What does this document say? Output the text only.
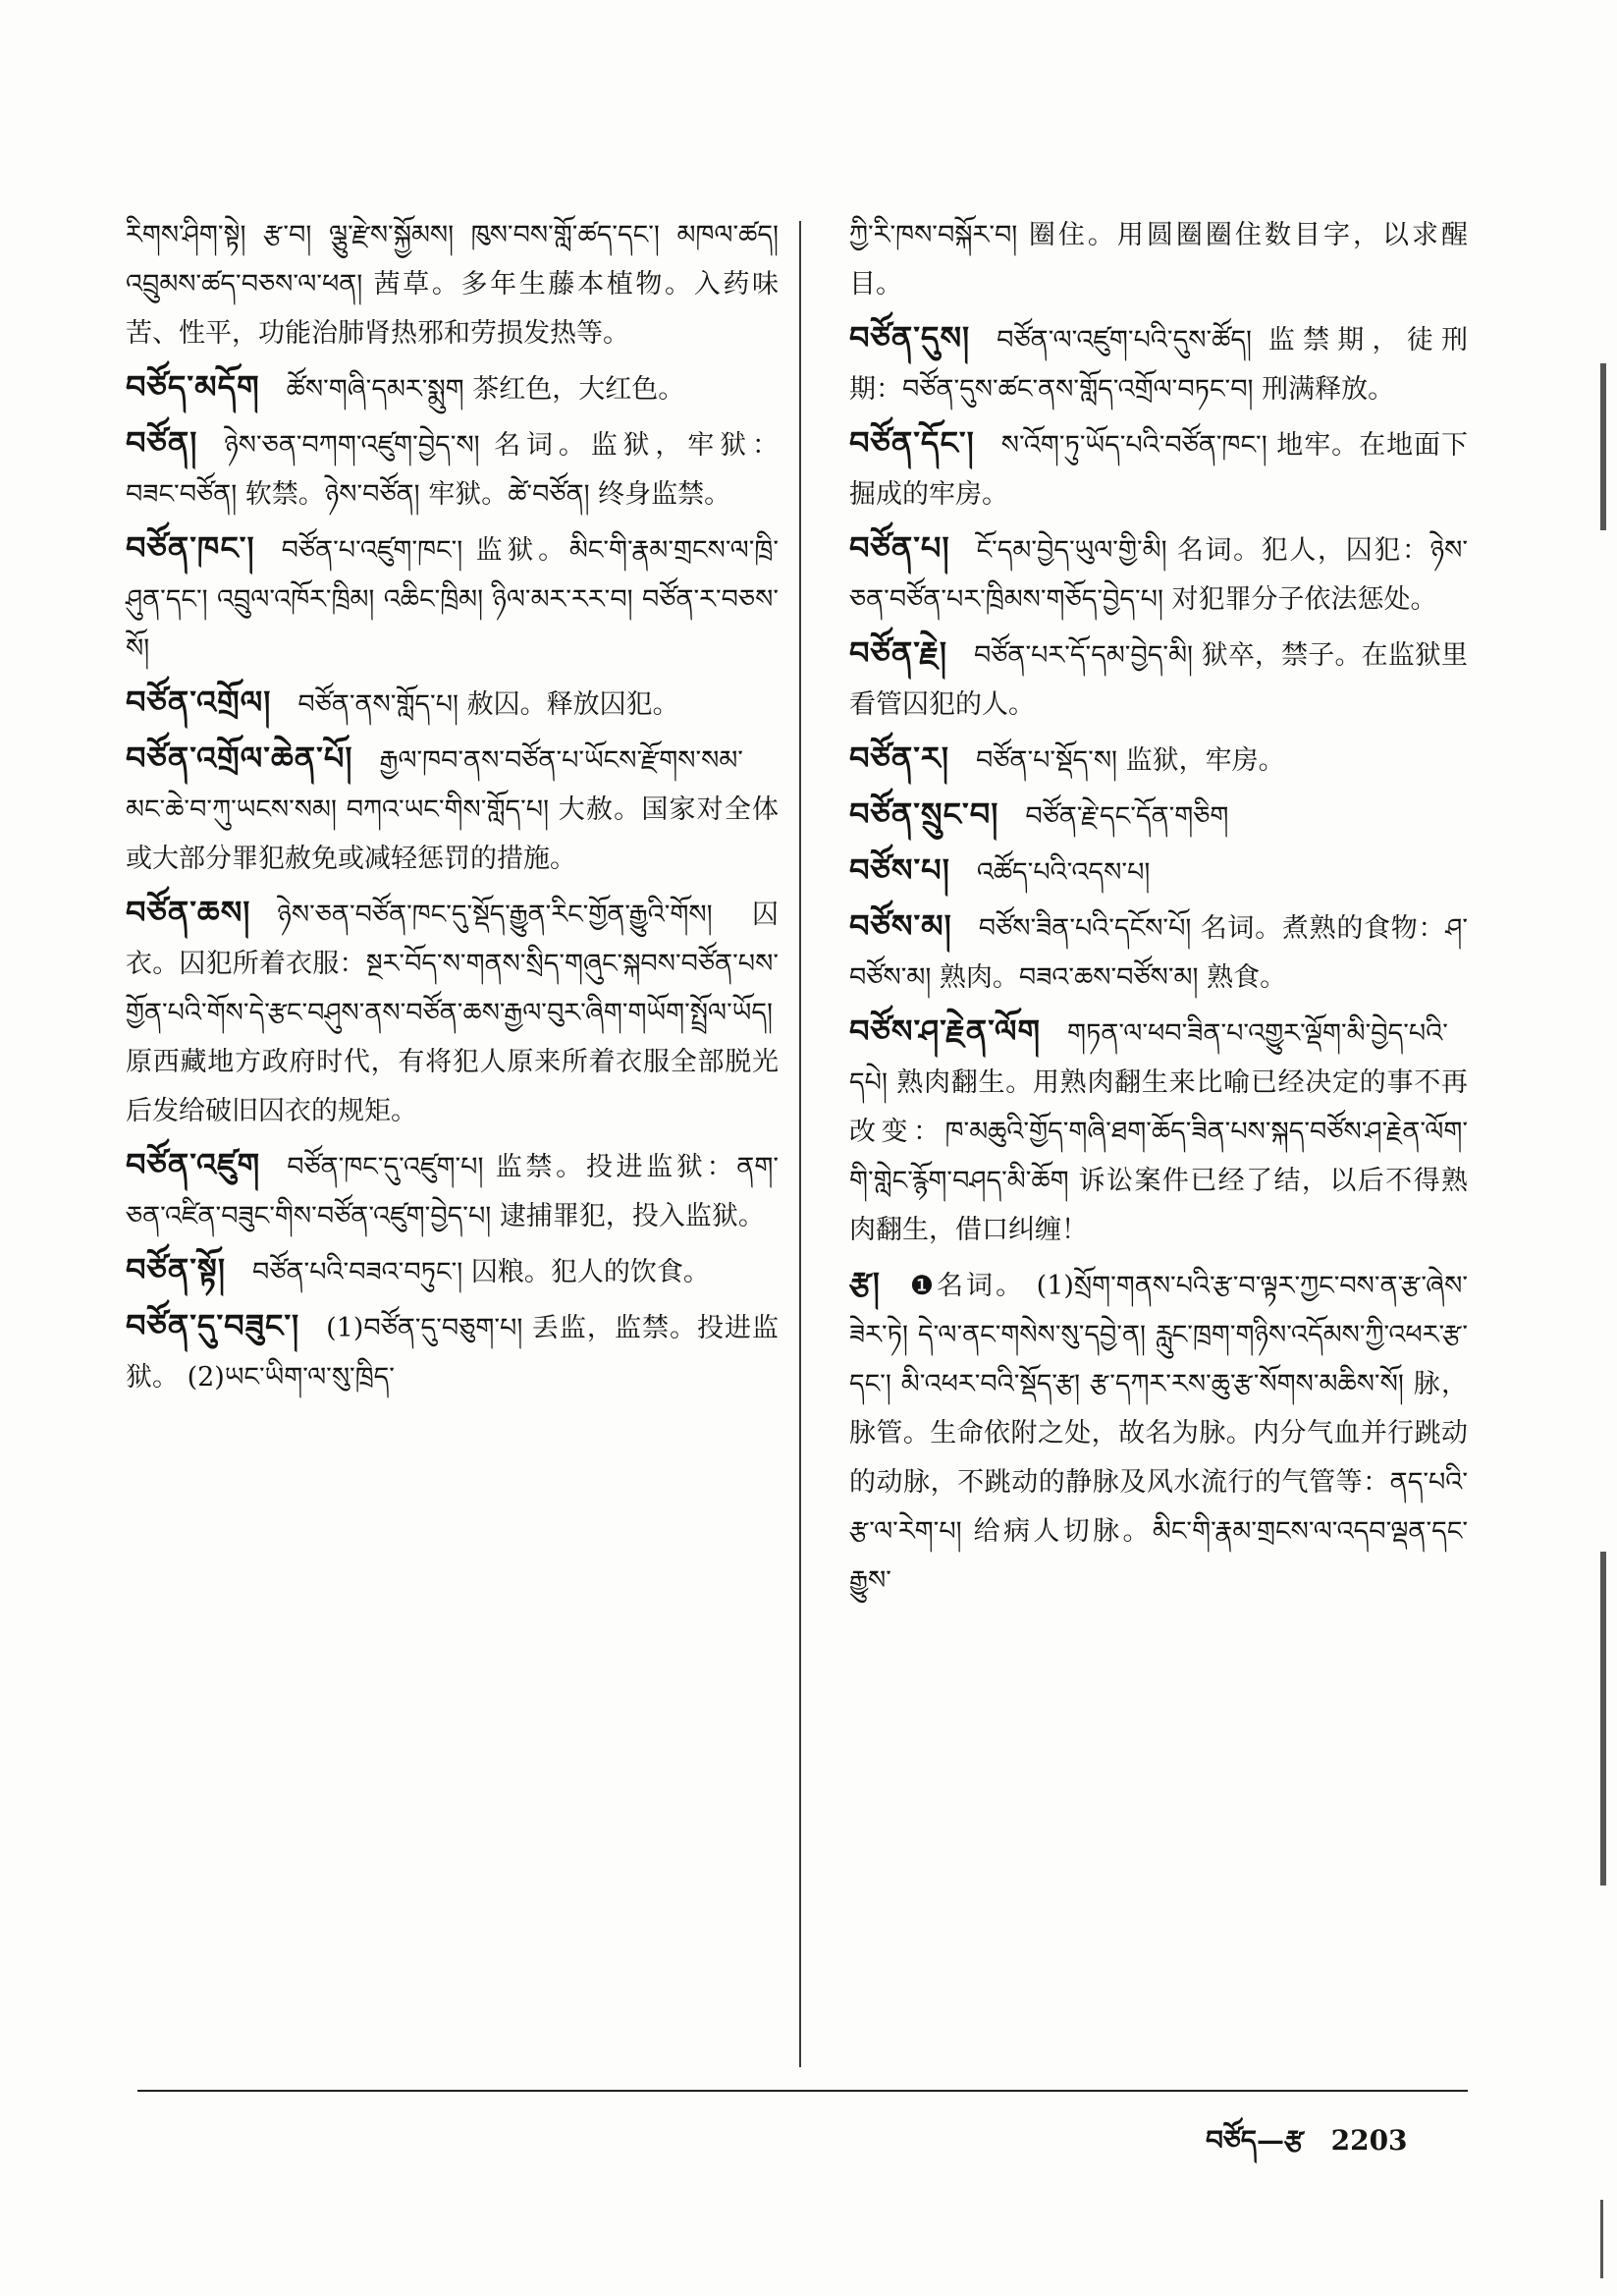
རིགས་ཤིག་སྟེ། རྩ་བ། ལྕུ་རྫེས་སྐྱོམས། ཁུས་བས་གློ་ཚད་དང་། མཁལ་ཚད། འབྲུམས་ཚད་བཅས་ལ་ཕན། 茜草。多年生藤本植物。入药味苦、性平，功能治肺肾热邪和劳损发热等。
བཙོད་མདོག  ཚོས་གཞི་དམར་སྨུག 茶红色，大红色。
བཙོན།  ཉེས་ཅན་བཀག་འཛུག་བྱེད་ས། 名词。监狱，牢狱：བཟང་བཙོན། 软禁。ཉེས་བཙོན། 牢狱。ཚེ་བཙོན། 终身监禁。
བཙོན་ཁང་།  བཙོན་པ་འཛུག་ཁང་། 监狱。མིང་གི་རྣམ་གྲངས་ལ་ཁྲི་ཤུན་དང་། འབྲུལ་འཁོར་ཁྲིམ། འཆིང་ཁྲིམ། ཉིལ་མར་རར་བ། བཙོན་ར་བཅས་སོ།
བཙོན་འགྲོལ།  བཙོན་ནས་གློད་པ། 赦囚。释放囚犯。
བཙོན་འགྲོལ་ཆེན་པོ།  རྒྱལ་ཁབ་ནས་བཙོན་པ་ཡོངས་རྫོགས་སམ་མང་ཆེ་བ་ཀུ་ཡངས་སམ། བཀའ་ཡང་གིས་གློད་པ། 大赦。国家对全体或大部分罪犯赦免或减轻惩罚的措施。
བཙོན་ཆས།  ཉེས་ཅན་བཙོན་ཁང་དུ་སྡོད་རྒྱུན་རིང་གྱོན་རྒྱུའི་གོས། 囚衣。囚犯所着衣服：སྔར་བོད་ས་གནས་སྲིད་གཞུང་སྐབས་བཙོན་པས་གྱོན་པའི་གོས་དེ་རྩང་བཤུས་ནས་བཙོན་ཆས་རྒྱལ་བུར་ཞིག་གཡོག་སྤྲོལ་ཡོད། 原西藏地方政府时代，有将犯人原来所着衣服全部脱光后发给破旧囚衣的规矩。
བཙོན་འཛུག  བཙོན་ཁང་དུ་འཛུག་པ། 监禁。投进监狱：ནག་ཅན་འཛིན་བཟུང་གིས་བཙོན་འཛུག་བྱེད་པ། 逮捕罪犯，投入监狱。
བཙོན་སྟོ།  བཙོན་པའི་བཟའ་བཏུང་། 囚粮。犯人的饮食。
བཙོན་དུ་བཟུང་།  (1)བཙོན་དུ་བཅུག་པ། 丢监，监禁。投进监狱。 (2)ཡང་ཡིག་ལ་སུ་ཁྲིད་
ཀྱི་རི་ཁས་བསྐོར་བ། 圈住。用圆圈圈住数目字，以求醒目。
བཙོན་དུས།  བཙོན་ལ་འཛུག་པའི་དུས་ཚོད། 监禁期，徒刑期：བཙོན་དུས་ཚང་ནས་གློད་འགྲོལ་བཏང་བ། 刑满释放。
བཙོན་དོང་།  ས་འོག་ཏུ་ཡོད་པའི་བཙོན་ཁང་། 地牢。在地面下掘成的牢房。
བཙོན་པ།  ངོ་དམ་བྱེད་ཡུལ་གྱི་མི། 名词。犯人，囚犯：ཉེས་ཅན་བཙོན་པར་ཁྲིམས་གཅོད་བྱེད་པ། 对犯罪分子依法惩处。
བཙོན་རྗེ།  བཙོན་པར་དོ་དམ་བྱེད་མི། 狱卒，禁子。在监狱里看管囚犯的人。
བཙོན་ར།  བཙོན་པ་སྡོད་ས། 监狱，牢房。
བཙོན་སྲུང་བ།  བཙོན་རྗེ་དང་དོན་གཅིག
བཙོས་པ།  འཚོད་པའི་འདས་པ།
བཙོས་མ།  བཙོས་ཟིན་པའི་དངོས་པོ། 名词。煮熟的食物：ཤ་བཙོས་མ། 熟肉。བཟའ་ཆས་བཙོས་མ། 熟食。
བཙོས་ཤ་རྗེན་ལོག  གཏན་ལ་ཕབ་ཟིན་པ་འགྱུར་ལྡོག་མི་བྱེད་པའི་དཔེ། 熟肉翻生。用熟肉翻生来比喻已经决定的事不再改变：ཁ་མཆུའི་གྱོད་གཞི་ཐག་ཆོད་ཟིན་པས་སྐད་བཙོས་ཤ་རྗེན་ལོག་གི་གླེང་རྙོག་བཤད་མི་ཆོག 诉讼案件已经了结，以后不得熟肉翻生，借口纠缠！
རྩ།  ❶名词。 (1)སྲོག་གནས་པའི་རྩ་བ་ལྟར་ཀྱང་བས་ན་རྩ་ཞེས་ཟེར་ཏེ། དེ་ལ་ནང་གསེས་སུ་དབྱེ་ན། རླུང་ཁྲག་གཉིས་འདོམས་ཀྱི་འཕར་རྩ་དང་། མི་འཕར་བའི་སྡོད་རྩ། རྩ་དཀར་རས་ཆུ་རྩ་སོགས་མཆིས་སོ། 脉，脉管。生命依附之处，故名为脉。内分气血并行跳动的动脉，不跳动的静脉及风水流行的气管等：ནད་པའི་རྩ་ལ་རེག་པ། 给病人切脉。མིང་གི་རྣམ་གྲངས་ལ་འདབ་ལྡན་དང་རྒྱུས་
བཙོད—རྩ 2203
